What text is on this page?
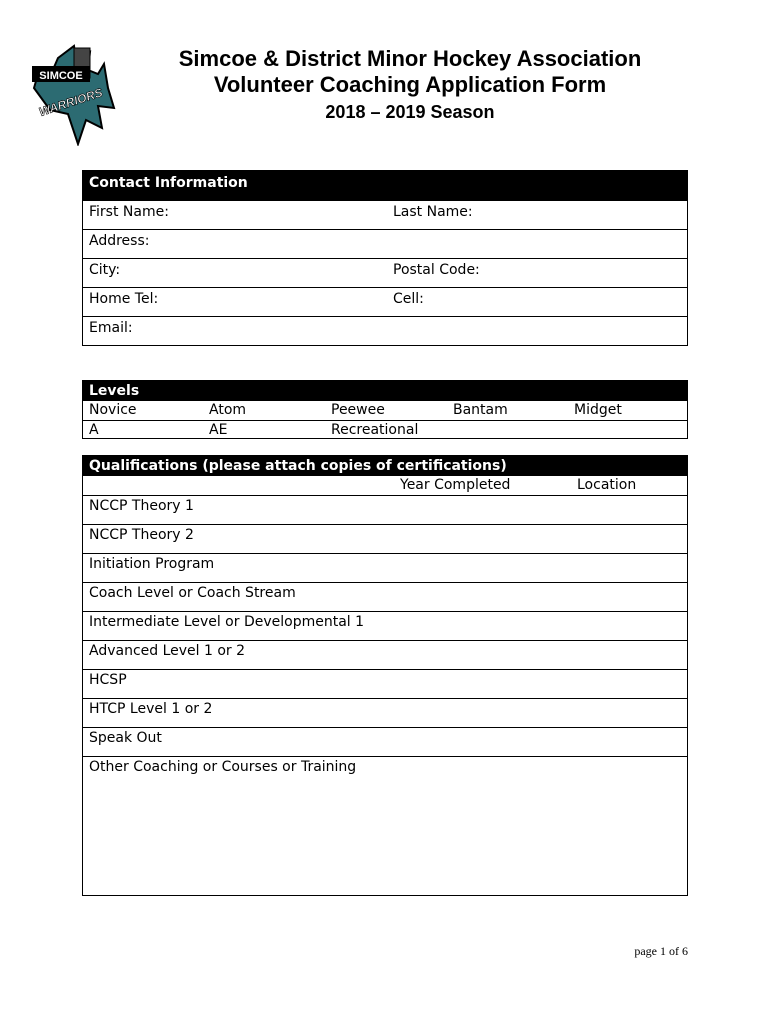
SIMCOE
WARRIORS
Simcoe & District Minor Hockey Association
Volunteer Coaching Application Form
2018 – 2019 Season
Contact Information
First Name:	Last Name:
Address:
City:	Postal Code:
Home Tel:	Cell:
Email:
Levels
Novice	Atom	Peewee	Bantam	Midget
A	AE	Recreational
Qualifications (please attach copies of certifications)
Year Completed	Location
NCCP Theory 1
NCCP Theory 2
Initiation Program
Coach Level or Coach Stream
Intermediate Level or Developmental 1
Advanced Level 1 or 2
HCSP
HTCP Level 1 or 2
Speak Out
Other Coaching or Courses or Training
page 1 of 6
